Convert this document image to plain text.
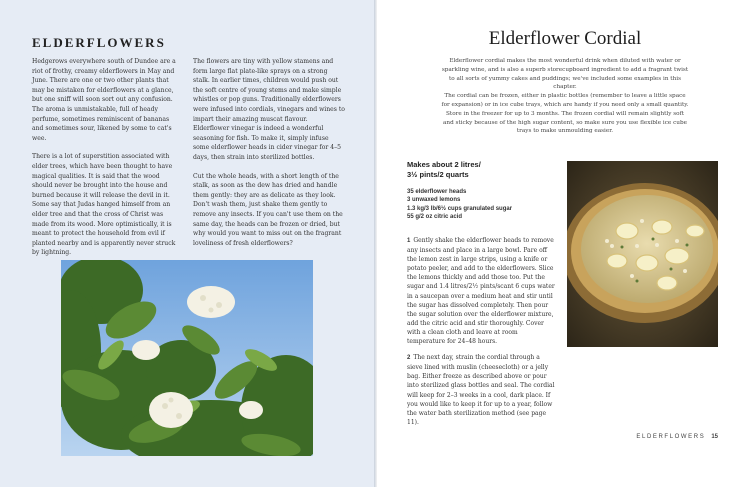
ELDERFLOWERS

Hedgerows everywhere south of Dundee are a riot of frothy, creamy elderflowers in May and June. There are one or two other plants that may be mistaken for elderflowers at a glance, but one sniff will soon sort out any confusion. The aroma is unmistakable, full of heady perfume, sometimes reminiscent of bananas and sometimes sour, likened by some to cat's wee.

There is a lot of superstition associated with elder trees, which have been thought to have magical qualities. It is said that the wood should never be brought into the house and burned because it will release the devil in it. Some say that Judas hanged himself from an elder tree and that the cross of Christ was made from its wood. More optimistically, it is meant to protect the household from evil if planted nearby and is apparently never struck by lightning.

The flowers are tiny with yellow stamens and form large flat plate-like sprays on a strong stalk. In earlier times, children would push out the soft centre of young stems and make simple whistles or pop guns. Traditionally elderflowers were infused into cordials, vinegars and wines to impart their amazing muscat flavour. Elderflower vinegar is indeed a wonderful seasoning for fish. To make it, simply infuse some elderflower heads in cider vinegar for 4–5 days, then strain into sterilized bottles.

Cut the whole heads, with a short length of the stalk, as soon as the dew has dried and handle them gently: they are as delicate as they look. Don't wash them, just shake them gently to remove any insects. If you can't use them on the same day, the heads can be frozen or dried, but why would you want to miss out on the fragrant loveliness of fresh elderflowers?

Elderflower Cordial

Elderflower cordial makes the most wonderful drink when diluted with water or sparkling wine, and is also a superb storecupboard ingredient to add a fragrant twist to all sorts of yummy cakes and puddings; we've included some examples in this chapter.

The cordial can be frozen, either in plastic bottles (remember to leave a little space for expansion) or in ice cube trays, which are handy if you need only a small quantity. Store in the freezer for up to 3 months. The frozen cordial will remain slightly soft and sticky because of the high sugar content, so make sure you use flexible ice cube trays to make unmoulding easier.

Makes about 2 litres/
3½ pints/2 quarts
35 elderflower heads
3 unwaxed lemons
1.3 kg/3 lb/6½ cups granulated sugar
55 g/2 oz citric acid

1 Gently shake the elderflower heads to remove any insects and place in a large bowl. Pare off the lemon zest in large strips, using a knife or potato peeler, and add to the elderflowers. Slice the lemons thickly and add those too. Put the sugar and 1.4 litres/2½ pints/scant 6 cups water in a saucepan over a medium heat and stir until the sugar has dissolved completely. Then pour the sugar solution over the elderflower mixture, add the citric acid and stir thoroughly. Cover with a clean cloth and leave at room temperature for 24–48 hours.

2 The next day, strain the cordial through a sieve lined with muslin (cheesecloth) or a jelly bag. Either freeze as described above or pour into sterilized glass bottles and seal. The cordial will keep for 2–3 weeks in a cool, dark place. If you would like to keep it for up to a year, follow the water bath sterilization method (see page 11).

ELDERFLOWERS 15
